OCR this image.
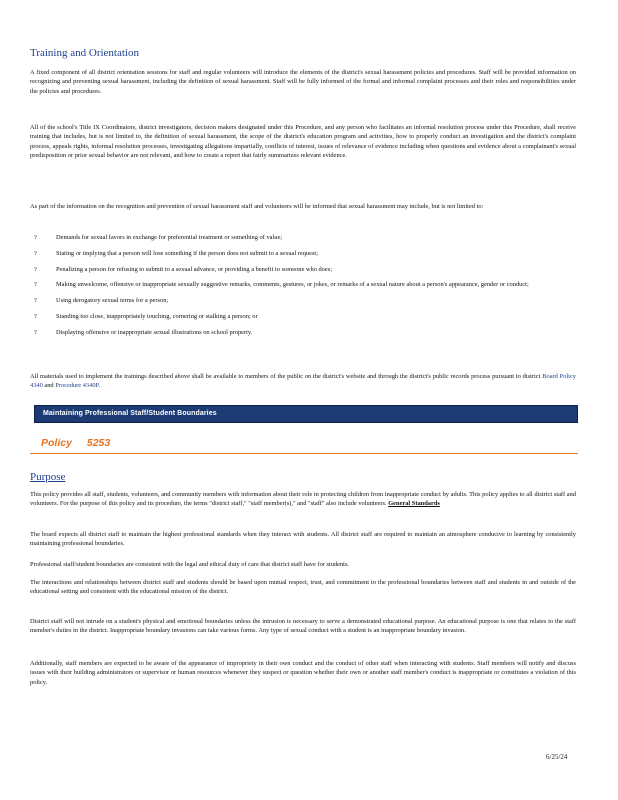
Training and Orientation

A fixed component of all district orientation sessions for staff and regular volunteers will introduce the elements of the district's sexual harassment policies and procedures. Staff will be provided information on recognizing and preventing sexual harassment, including the definition of sexual harassment. Staff will be fully informed of the formal and informal complaint processes and their roles and responsibilities under the policies and procedures.

All of the school's Title IX Coordinators, district investigators, decision makers designated under this Procedure, and any person who facilitates an informal resolution process under this Procedure, shall receive training that includes, but is not limited to, the definition of sexual harassment, the scope of the district's education program and activities, how to properly conduct an investigation and the district's complaint process, appeals rights, informal resolution processes, investigating allegations impartially, conflicts of interest, issues of relevance of evidence including when questions and evidence about a complainant's sexual predisposition or prior sexual behavior are not relevant, and how to create a report that fairly summarizes relevant evidence.

As part of the information on the recognition and prevention of sexual harassment staff and volunteers will be informed that sexual harassment may include, but is not limited to:

?	Demands for sexual favors in exchange for preferential treatment or something of value;
?	Stating or implying that a person will lose something if the person does not submit to a sexual request;
?	Penalizing a person for refusing to submit to a sexual advance, or providing a benefit to someone who does;
?	Making unwelcome, offensive or inappropriate sexually suggestive remarks, comments, gestures, or jokes, or remarks of a sexual nature about a person's appearance, gender or conduct;
?	Using derogatory sexual terms for a person;
?	Standing too close, inappropriately touching, cornering or stalking a person; or
?	Displaying offensive or inappropriate sexual illustrations on school property.

All materials used to implement the trainings described above shall be available to members of the public on the district's website and through the district's public records process pursuant to district Board Policy 4340 and Procedure 4340P.

Maintaining Professional Staff/Student Boundaries
Policy 5253
Purpose

This policy provides all staff, students, volunteers, and community members with information about their role in protecting children from inappropriate conduct by adults. This policy applies to all district staff and volunteers. For the purpose of this policy and its procedure, the terms "district staff," "staff member(s)," and "staff" also include volunteers. General Standards

The board expects all district staff to maintain the highest professional standards when they interact with students. All district staff are required to maintain an atmosphere conducive to learning by consistently maintaining professional boundaries.

Professional staff/student boundaries are consistent with the legal and ethical duty of care that district staff have for students.

The interactions and relationships between district staff and students should be based upon mutual respect, trust, and commitment to the professional boundaries between staff and students in and outside of the educational setting and consistent with the educational mission of the district.

District staff will not intrude on a student's physical and emotional boundaries unless the intrusion is necessary to serve a demonstrated educational purpose. An educational purpose is one that relates to the staff member's duties in the district. Inappropriate boundary invasions can take various forms. Any type of sexual conduct with a student is an inappropriate boundary invasion.

Additionally, staff members are expected to be aware of the appearance of impropriety in their own conduct and the conduct of other staff when interacting with students. Staff members will notify and discuss issues with their building administrators or supervisor or human resources whenever they suspect or question whether their own or another staff member's conduct is inappropriate or constitutes a violation of this policy.

6/25/24
